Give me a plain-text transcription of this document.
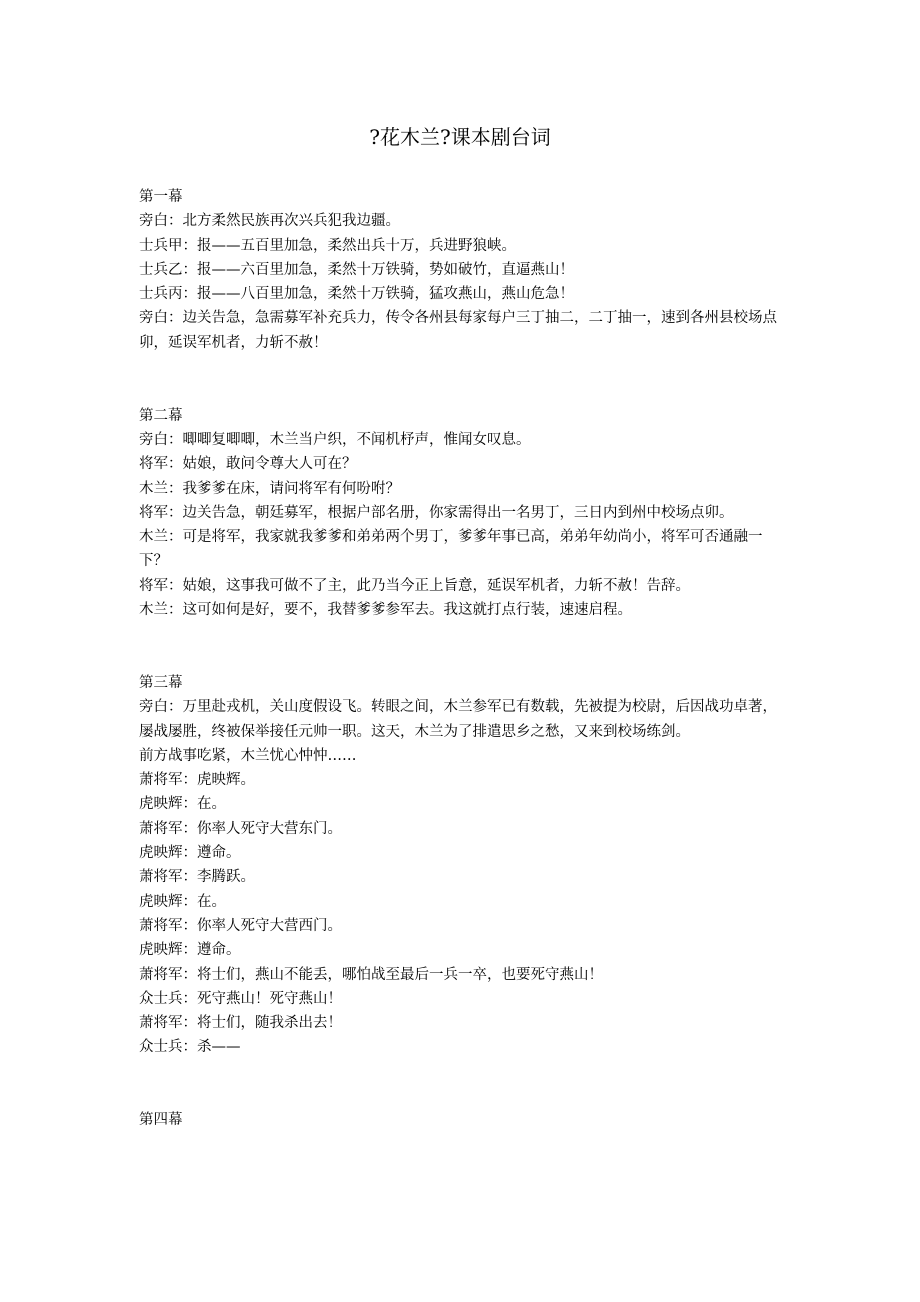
?花木兰?课本剧台词

第一幕

旁白：北方柔然民族再次兴兵犯我边疆。

士兵甲：报——五百里加急，柔然出兵十万，兵进野狼峡。

士兵乙：报——六百里加急，柔然十万铁骑，势如破竹，直逼燕山！

士兵丙：报——八百里加急，柔然十万铁骑，猛攻燕山，燕山危急！

旁白：边关告急，急需募军补充兵力，传令各州县每家每户三丁抽二，二丁抽一，速到各州县校场点卯，延误军机者，力斩不赦！

第二幕

旁白：唧唧复唧唧，木兰当户织，不闻机杼声，惟闻女叹息。

将军：姑娘，敢问令尊大人可在？

木兰：我爹爹在床，请问将军有何吩咐？

将军：边关告急，朝廷募军，根据户部名册，你家需得出一名男丁，三日内到州中校场点卯。

木兰：可是将军，我家就我爹爹和弟弟两个男丁，爹爹年事已高，弟弟年幼尚小，将军可否通融一下？

将军：姑娘，这事我可做不了主，此乃当今正上旨意，延误军机者，力斩不赦！告辞。

木兰：这可如何是好，要不，我替爹爹参军去。我这就打点行装，速速启程。

第三幕

旁白：万里赴戎机，关山度假设飞。转眼之间，木兰参军已有数载，先被提为校尉，后因战功卓著，屡战屡胜，终被保举接任元帅一职。这天，木兰为了排遣思乡之愁，又来到校场练剑。

前方战事吃紧，木兰忧心忡忡……

萧将军：虎映辉。

虎映辉：在。

萧将军：你率人死守大营东门。

虎映辉：遵命。

萧将军：李腾跃。

虎映辉：在。

萧将军：你率人死守大营西门。

虎映辉：遵命。

萧将军：将士们，燕山不能丢，哪怕战至最后一兵一卒，也要死守燕山！

众士兵：死守燕山！死守燕山！

萧将军：将士们，随我杀出去！

众士兵：杀——

第四幕
